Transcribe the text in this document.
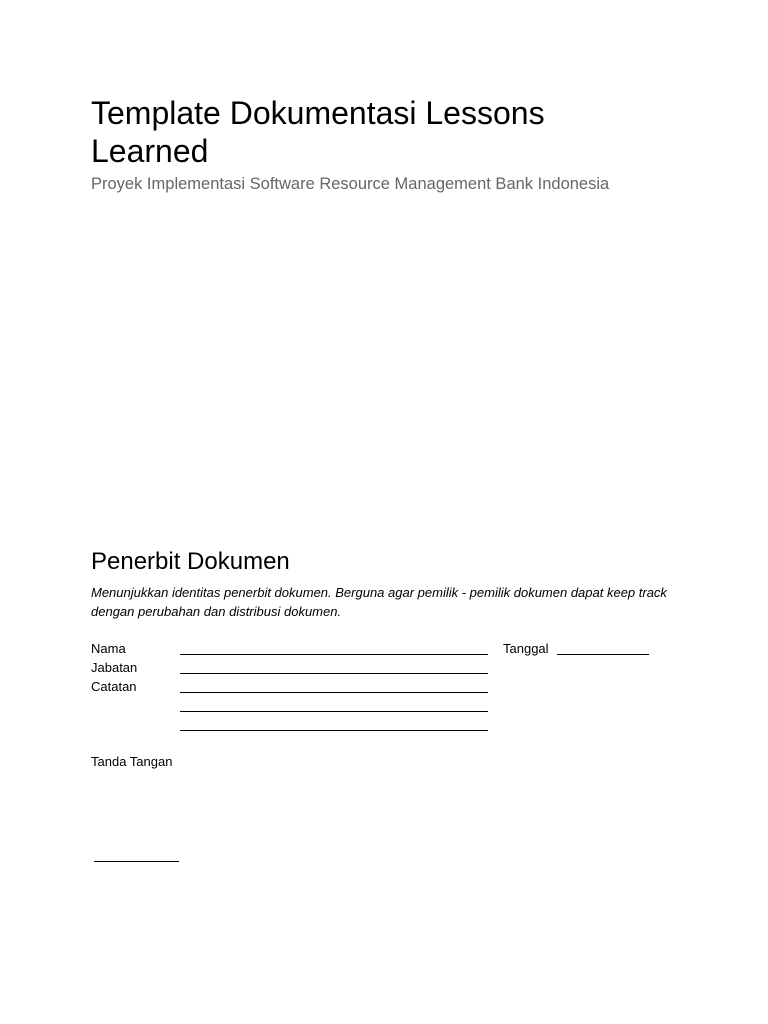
Template Dokumentasi Lessons Learned

Proyek Implementasi Software Resource Management Bank Indonesia

Penerbit Dokumen

Menunjukkan identitas penerbit dokumen. Berguna agar pemilik - pemilik dokumen dapat keep track dengan perubahan dan distribusi dokumen.

Nama	Tanggal
Jabatan
Catatan
Tanda Tangan
